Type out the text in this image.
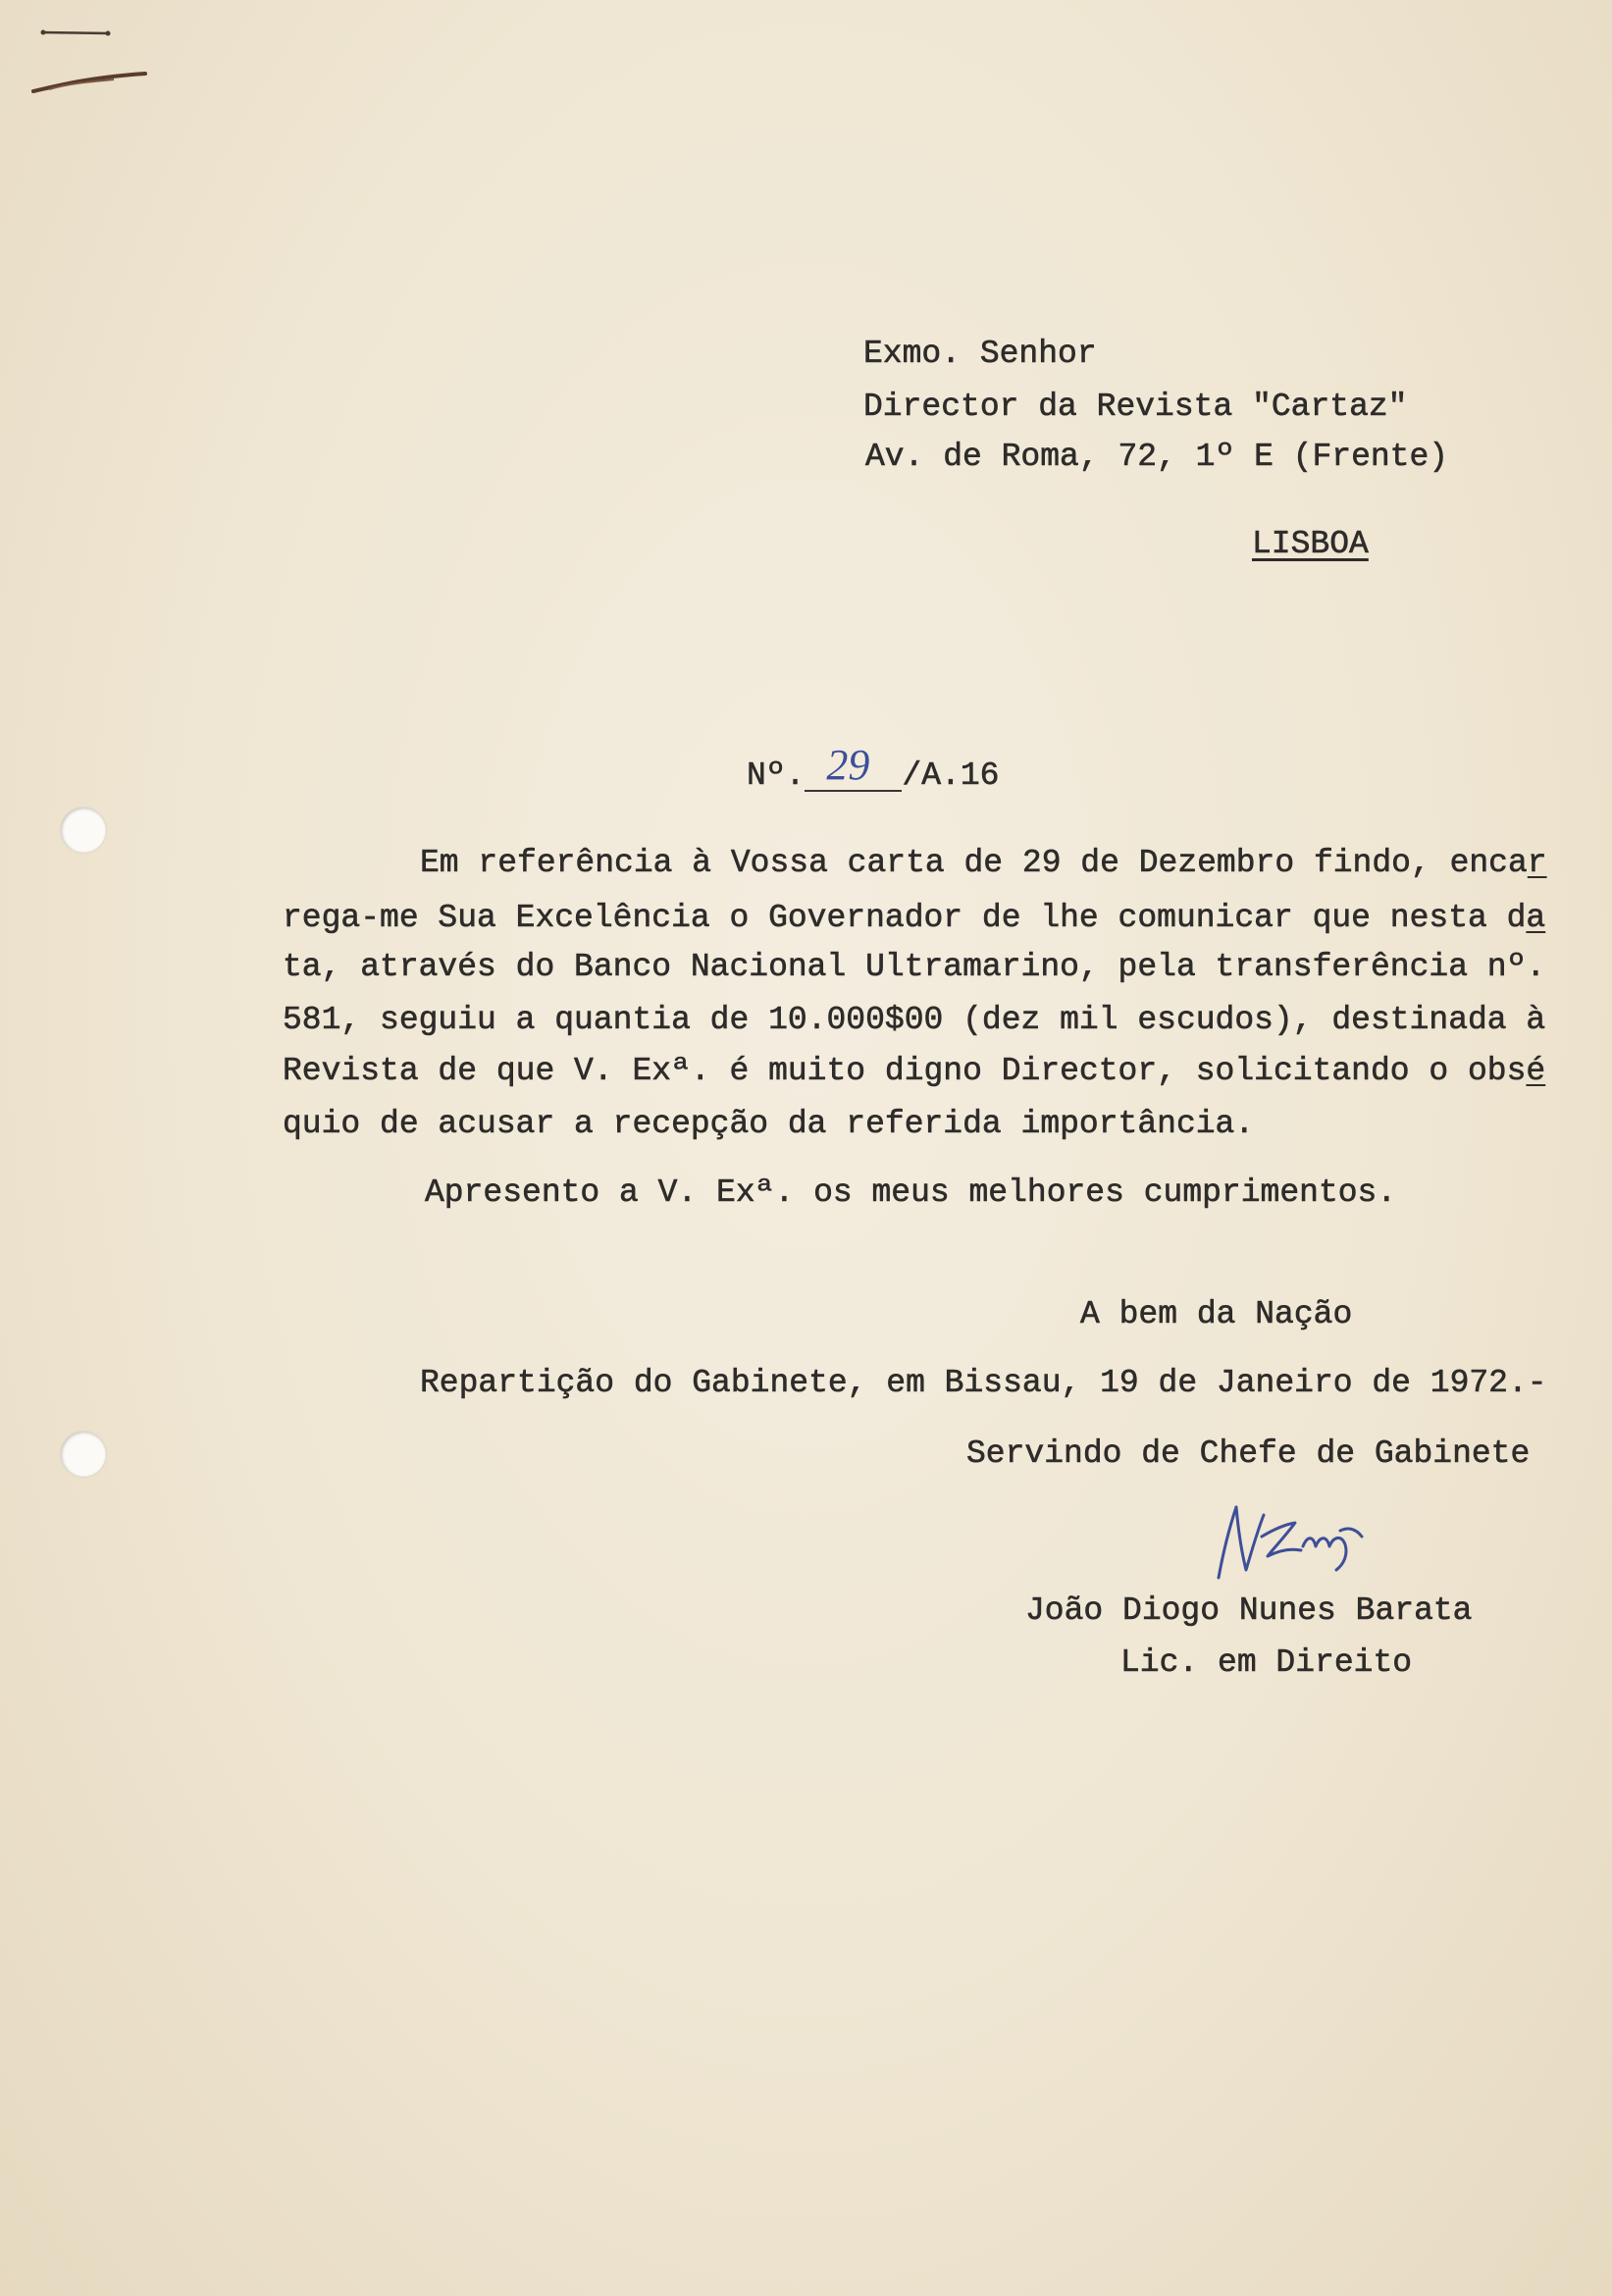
Exmo. Senhor
Director da Revista "Cartaz"
Av. de Roma, 72, 1º E (Frente)
LISBOA
Nº. 29 /A.16
Em referência à Vossa carta de 29 de Dezembro findo, encar
rega-me Sua Excelência o Governador de lhe comunicar que nesta da
ta, através do Banco Nacional Ultramarino, pela transferência nº.
581, seguiu a quantia de 10.000$00 (dez mil escudos), destinada à
Revista de que V. Exª. é muito digno Director, solicitando o obsé
quio de acusar a recepção da referida importância.
Apresento a V. Exª. os meus melhores cumprimentos.
A bem da Nação
Repartição do Gabinete, em Bissau, 19 de Janeiro de 1972.-
Servindo de Chefe de Gabinete
João Diogo Nunes Barata
Lic. em Direito
